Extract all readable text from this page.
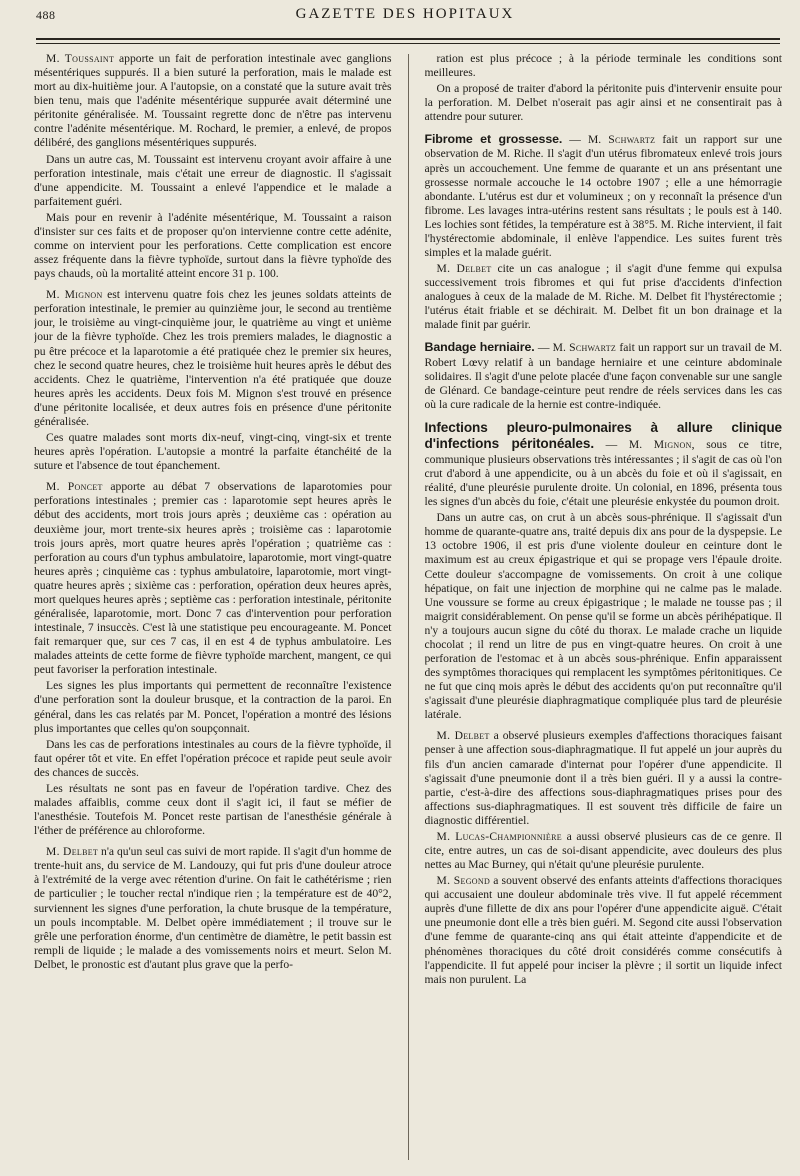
488	GAZETTE DES HOPITAUX

M. Toussaint apporte un fait de perforation intestinale avec ganglions mésentériques suppurés. Il a bien suturé la perforation, mais le malade est mort au dix-huitième jour. A l'autopsie, on a constaté que la suture avait très bien tenu, mais que l'adénite mésentérique suppurée avait déterminé une péritonite généralisée. M. Toussaint regrette donc de n'être pas intervenu contre l'adénite mésentérique. M. Rochard, le premier, a enlevé, de propos délibéré, des ganglions mésentériques suppurés.

Dans un autre cas, M. Toussaint est intervenu croyant avoir affaire à une perforation intestinale, mais c'était une erreur de diagnostic. Il s'agissait d'une appendicite. M. Toussaint a enlevé l'appendice et le malade a parfaitement guéri.

Mais pour en revenir à l'adénite mésentérique, M. Toussaint a raison d'insister sur ces faits et de proposer qu'on intervienne contre cette adénite, comme on intervient pour les perforations. Cette complication est encore assez fréquente dans la fièvre typhoïde, surtout dans la fièvre typhoïde des pays chauds, où la mortalité atteint encore 31 p. 100.

M. Mignon est intervenu quatre fois chez les jeunes soldats atteints de perforation intestinale, le premier au quinzième jour, le second au trentième jour, le troisième au vingt-cinquième jour, le quatrième au vingt et unième jour de la fièvre typhoïde. Chez les trois premiers malades, le diagnostic a pu être précoce et la laparotomie a été pratiquée chez le premier six heures, chez le second quatre heures, chez le troisième huit heures après le début des accidents. Chez le quatrième, l'intervention n'a été pratiquée que douze heures après les accidents. Deux fois M. Mignon s'est trouvé en présence d'une péritonite localisée, et deux autres fois en présence d'une péritonite généralisée.

Ces quatre malades sont morts dix-neuf, vingt-cinq, vingt-six et trente heures après l'opération. L'autopsie a montré la parfaite étanchéité de la suture et l'absence de tout épanchement.

M. Poncet apporte au débat 7 observations de laparotomies pour perforations intestinales ; premier cas : laparotomie sept heures après le début des accidents, mort trois jours après ; deuxième cas : opération au deuxième jour, mort trente-six heures après ; troisième cas : laparotomie trois jours après, mort quatre heures après l'opération ; quatrième cas : perforation au cours d'un typhus ambulatoire, laparotomie, mort vingt-quatre heures après ; cinquième cas : typhus ambulatoire, laparotomie, mort vingt-quatre heures après ; sixième cas : perforation, opération deux heures après, mort quelques heures après ; septième cas : perforation intestinale, péritonite généralisée, laparotomie, mort. Donc 7 cas d'intervention pour perforation intestinale, 7 insuccès. C'est là une statistique peu encourageante. M. Poncet fait remarquer que, sur ces 7 cas, il en est 4 de typhus ambulatoire. Les malades atteints de cette forme de fièvre typhoïde marchent, mangent, ce qui peut favoriser la perforation intestinale.

Les signes les plus importants qui permettent de reconnaître l'existence d'une perforation sont la douleur brusque, et la contraction de la paroi. En général, dans les cas relatés par M. Poncet, l'opération a montré des lésions plus importantes que celles qu'on soupçonnait.

Dans les cas de perforations intestinales au cours de la fièvre typhoïde, il faut opérer tôt et vite. En effet l'opération précoce et rapide peut seule avoir des chances de succès.

Les résultats ne sont pas en faveur de l'opération tardive. Chez des malades affaiblis, comme ceux dont il s'agit ici, il faut se méfier de l'anesthésie. Toutefois M. Poncet reste partisan de l'anesthésie générale à l'éther de préférence au chloroforme.

M. Delbet n'a qu'un seul cas suivi de mort rapide. Il s'agit d'un homme de trente-huit ans, du service de M. Landouzy, qui fut pris d'une douleur atroce à l'extrémité de la verge avec rétention d'urine. On fait le cathétérisme ; rien de particulier ; le toucher rectal n'indique rien ; la température est de 40°2, surviennent les signes d'une perforation, la chute brusque de la température, un pouls incomptable. M. Delbet opère immédiatement ; il trouve sur le grêle une perforation énorme, d'un centimètre de diamètre, le petit bassin est rempli de liquide ; le malade a des vomissements noirs et meurt. Selon M. Delbet, le pronostic est d'autant plus grave que la perfo-

ration est plus précoce ; à la période terminale les conditions sont meilleures.

On a proposé de traiter d'abord la péritonite puis d'intervenir ensuite pour la perforation. M. Delbet n'oserait pas agir ainsi et ne consentirait pas à attendre pour suturer.

Fibrome et grossesse. — M. Schwartz fait un rapport sur une observation de M. Riche. Il s'agit d'un utérus fibromateux enlevé trois jours après un accouchement. Une femme de quarante et un ans présentant une grossesse normale accouche le 14 octobre 1907 ; elle a une hémorragie abondante. L'utérus est dur et volumineux ; on y reconnaît la présence d'un fibrome. Les lavages intra-utérins restent sans résultats ; le pouls est à 140. Les lochies sont fétides, la température est à 38°5. M. Riche intervient, il fait l'hystérectomie abdominale, il enlève l'appendice. Les suites furent très simples et la malade guérit.

M. Delbet cite un cas analogue ; il s'agit d'une femme qui expulsa successivement trois fibromes et qui fut prise d'accidents d'infection analogues à ceux de la malade de M. Riche. M. Delbet fit l'hystérectomie ; l'utérus était friable et se déchirait. M. Delbet fit un bon drainage et la malade finit par guérir.

Bandage herniaire. — M. Schwartz fait un rapport sur un travail de M. Robert Lœvy relatif à un bandage herniaire et une ceinture abdominale solidaires. Il s'agit d'une pelote placée d'une façon convenable sur une sangle de Glénard. Ce bandage-ceinture peut rendre de réels services dans les cas où la cure radicale de la hernie est contre-indiquée.

Infections pleuro-pulmonaires à allure clinique d'infections péritonéales. — M. Mignon, sous ce titre, communique plusieurs observations très intéressantes ; il s'agit de cas où l'on crut d'abord à une appendicite, ou à un abcès du foie et où il s'agissait, en réalité, d'une pleurésie purulente droite. Un colonial, en 1896, présenta tous les signes d'un abcès du foie, c'était une pleurésie enkystée du poumon droit.

Dans un autre cas, on crut à un abcès sous-phrénique. Il s'agissait d'un homme de quarante-quatre ans, traité depuis dix ans pour de la dyspepsie. Le 13 octobre 1906, il est pris d'une violente douleur en ceinture dont le maximum est au creux épigastrique et qui se propage vers l'épaule droite. Cette douleur s'accompagne de vomissements. On croit à une colique hépatique, on fait une injection de morphine qui ne calme pas le malade. Une voussure se forme au creux épigastrique ; le malade ne tousse pas ; il maigrit considérablement. On pense qu'il se forme un abcès périhépatique. Il n'y a toujours aucun signe du côté du thorax. Le malade crache un liquide chocolat ; il rend un litre de pus en vingt-quatre heures. On croit à une perforation de l'estomac et à un abcès sous-phrénique. Enfin apparaissent des symptômes thoraciques qui remplacent les symptômes péritonitiques. Ce ne fut que cinq mois après le début des accidents qu'on put reconnaître qu'il s'agissait d'une pleurésie diaphragmatique compliquée plus tard de pleurésie latérale.

M. Delbet a observé plusieurs exemples d'affections thoraciques faisant penser à une affection sous-diaphragmatique. Il fut appelé un jour auprès du fils d'un ancien camarade d'internat pour l'opérer d'une appendicite. Il s'agissait d'une pneumonie dont il a très bien guéri. Il y a aussi la contre-partie, c'est-à-dire des affections sous-diaphragmatiques prises pour des affections sus-diaphragmatiques. Il est souvent très difficile de faire un diagnostic différentiel.

M. Lucas-Championnière a aussi observé plusieurs cas de ce genre. Il cite, entre autres, un cas de soi-disant appendicite, avec douleurs des plus nettes au Mac Burney, qui n'était qu'une pleurésie purulente.

M. Segond a souvent observé des enfants atteints d'affections thoraciques qui accusaient une douleur abdominale très vive. Il fut appelé récemment auprès d'une fillette de dix ans pour l'opérer d'une appendicite aiguë. C'était une pneumonie dont elle a très bien guéri. M. Segond cite aussi l'observation d'une femme de quarante-cinq ans qui était atteinte d'appendicite et de phénomènes thoraciques du côté droit considérés comme consécutifs à l'appendicite. Il fut appelé pour inciser la plèvre ; il sortit un liquide infect mais non purulent. La
